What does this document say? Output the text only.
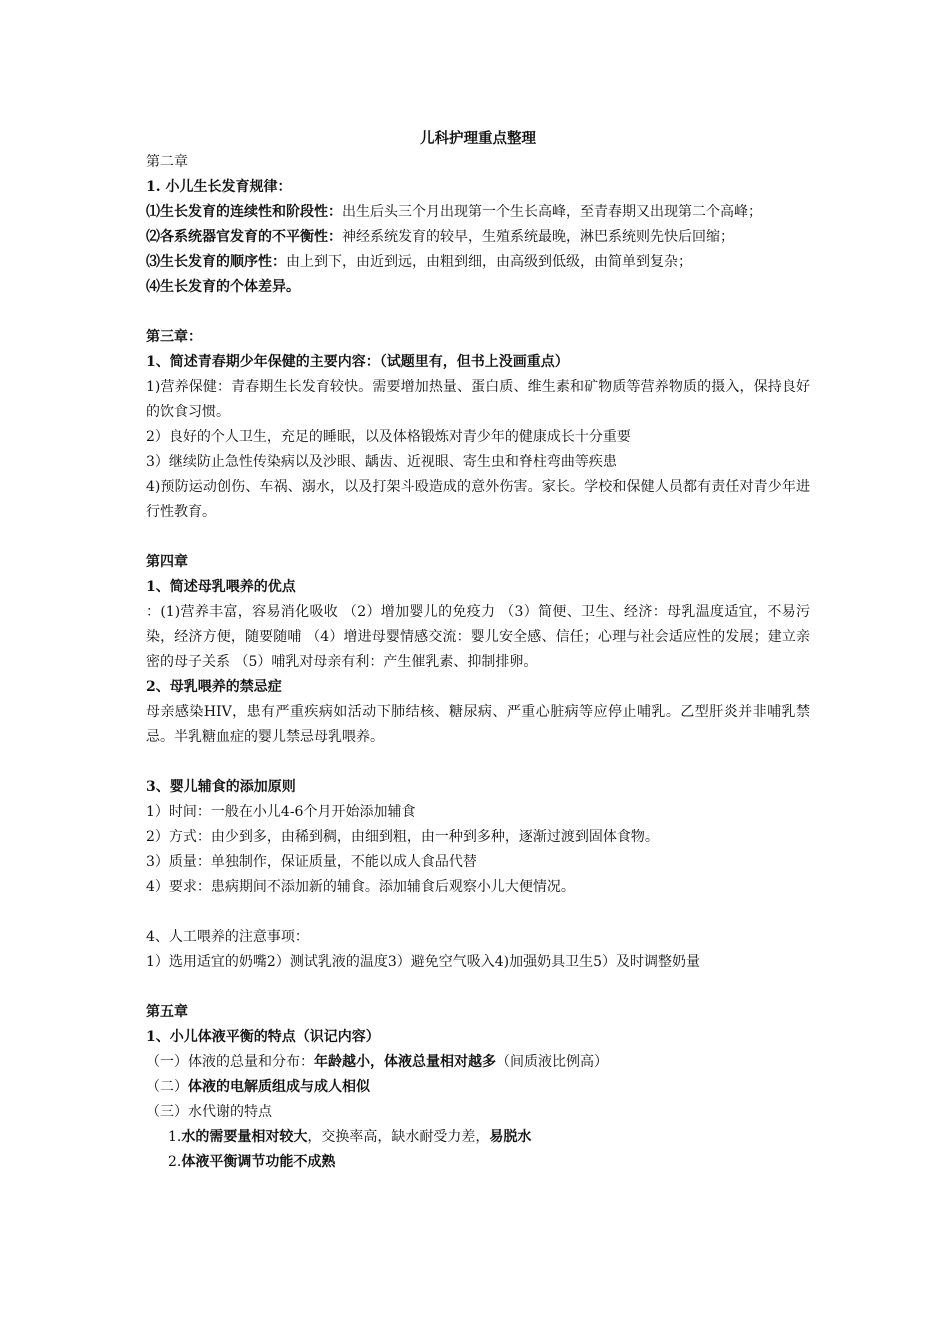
儿科护理重点整理

第二章

1. 小儿生长发育规律：

⑴生长发育的连续性和阶段性：出生后头三个月出现第一个生长高峰，至青春期又出现第二个高峰；

⑵各系统器官发育的不平衡性：神经系统发育的较早，生殖系统最晚，淋巴系统则先快后回缩；

⑶生长发育的顺序性：由上到下，由近到远，由粗到细，由高级到低级，由简单到复杂；

⑷生长发育的个体差异。

第三章：

1、简述青春期少年保健的主要内容：（试题里有，但书上没画重点）

1)营养保健：青春期生长发育较快。需要增加热量、蛋白质、维生素和矿物质等营养物质的摄入，保持良好的饮食习惯。

2）良好的个人卫生，充足的睡眠，以及体格锻炼对青少年的健康成长十分重要

3）继续防止急性传染病以及沙眼、龋齿、近视眼、寄生虫和脊柱弯曲等疾患

4)预防运动创伤、车祸、溺水，以及打架斗殴造成的意外伤害。家长。学校和保健人员都有责任对青少年进行性教育。

第四章

1、简述母乳喂养的优点

：(1)营养丰富，容易消化吸收 （2）增加婴儿的免疫力 （3）简便、卫生、经济：母乳温度适宜，不易污染，经济方便，随要随哺 （4）增进母婴情感交流：婴儿安全感、信任；心理与社会适应性的发展；建立亲密的母子关系 （5）哺乳对母亲有利：产生催乳素、抑制排卵。

2、母乳喂养的禁忌症

母亲感染HIV，患有严重疾病如活动下肺结核、糖尿病、严重心脏病等应停止哺乳。乙型肝炎并非哺乳禁忌。半乳糖血症的婴儿禁忌母乳喂养。

3、婴儿辅食的添加原则

1）时间：一般在小儿4-6个月开始添加辅食

2）方式：由少到多，由稀到稠，由细到粗，由一种到多种，逐渐过渡到固体食物。

3）质量：单独制作，保证质量，不能以成人食品代替

4）要求：患病期间不添加新的辅食。添加辅食后观察小儿大便情况。

4、人工喂养的注意事项：

1）选用适宜的奶嘴2）测试乳液的温度3）避免空气吸入4)加强奶具卫生5）及时调整奶量

第五章

1、小儿体液平衡的特点（识记内容）

（一）体液的总量和分布：年龄越小，体液总量相对越多（间质液比例高）

（二）体液的电解质组成与成人相似

（三）水代谢的特点

1.水的需要量相对较大，交换率高，缺水耐受力差，易脱水

2.体液平衡调节功能不成熟
